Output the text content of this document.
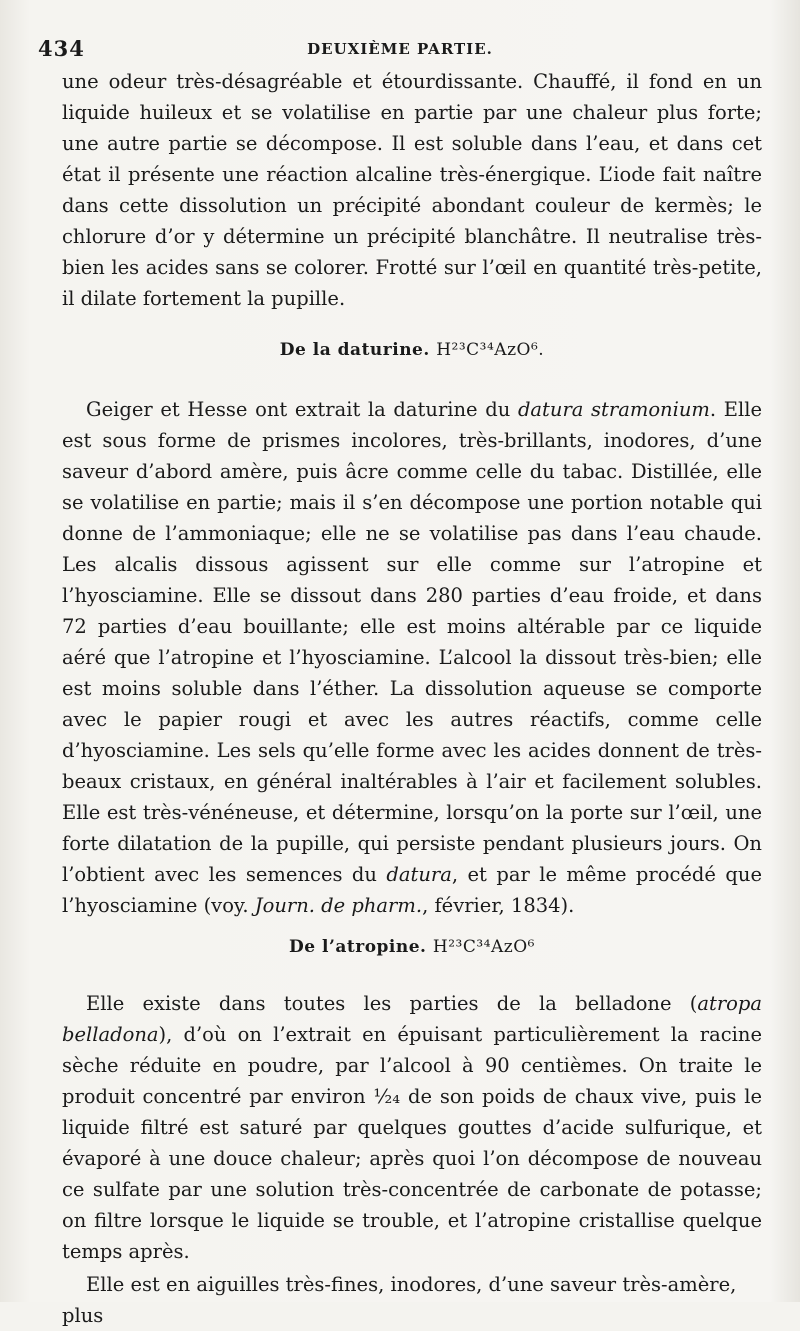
434	DEUXIÈME PARTIE.

une odeur très-désagréable et étourdissante. Chauffé, il fond en un liquide huileux et se volatilise en partie par une chaleur plus forte; une autre partie se décompose. Il est soluble dans l’eau, et dans cet état il présente une réaction alcaline très-énergique. L’iode fait naître dans cette dissolution un précipité abondant couleur de kermès; le chlorure d’or y détermine un précipité blanchâtre. Il neutralise très-bien les acides sans se colorer. Frotté sur l’œil en quantité très-petite, il dilate fortement la pupille.

De la daturine. H²³C³⁴AzO⁶.

Geiger et Hesse ont extrait la daturine du datura stramonium. Elle est sous forme de prismes incolores, très-brillants, inodores, d’une saveur d’abord amère, puis âcre comme celle du tabac. Distillée, elle se volatilise en partie; mais il s’en décompose une portion notable qui donne de l’ammoniaque; elle ne se volatilise pas dans l’eau chaude. Les alcalis dissous agissent sur elle comme sur l’atropine et l’hyosciamine. Elle se dissout dans 280 parties d’eau froide, et dans 72 parties d’eau bouillante; elle est moins altérable par ce liquide aéré que l’atropine et l’hyosciamine. L’alcool la dissout très-bien; elle est moins soluble dans l’éther. La dissolution aqueuse se comporte avec le papier rougi et avec les autres réactifs, comme celle d’hyosciamine. Les sels qu’elle forme avec les acides donnent de très-beaux cristaux, en général inaltérables à l’air et facilement solubles. Elle est très-vénéneuse, et détermine, lorsqu’on la porte sur l’œil, une forte dilatation de la pupille, qui persiste pendant plusieurs jours. On l’obtient avec les semences du datura, et par le même procédé que l’hyosciamine (voy. Journ. de pharm., février, 1834).

De l’atropine. H²³C³⁴AzO⁶

Elle existe dans toutes les parties de la belladone (atropa belladona), d’où on l’extrait en épuisant particulièrement la racine sèche réduite en poudre, par l’alcool à 90 centièmes. On traite le produit concentré par environ ¹⁄₂₄ de son poids de chaux vive, puis le liquide filtré est saturé par quelques gouttes d’acide sulfurique, et évaporé à une douce chaleur; après quoi l’on décompose de nouveau ce sulfate par une solution très-concentrée de carbonate de potasse; on filtre lorsque le liquide se trouble, et l’atropine cristallise quelque temps après.

Elle est en aiguilles très-fines, inodores, d’une saveur très-amère, plus
